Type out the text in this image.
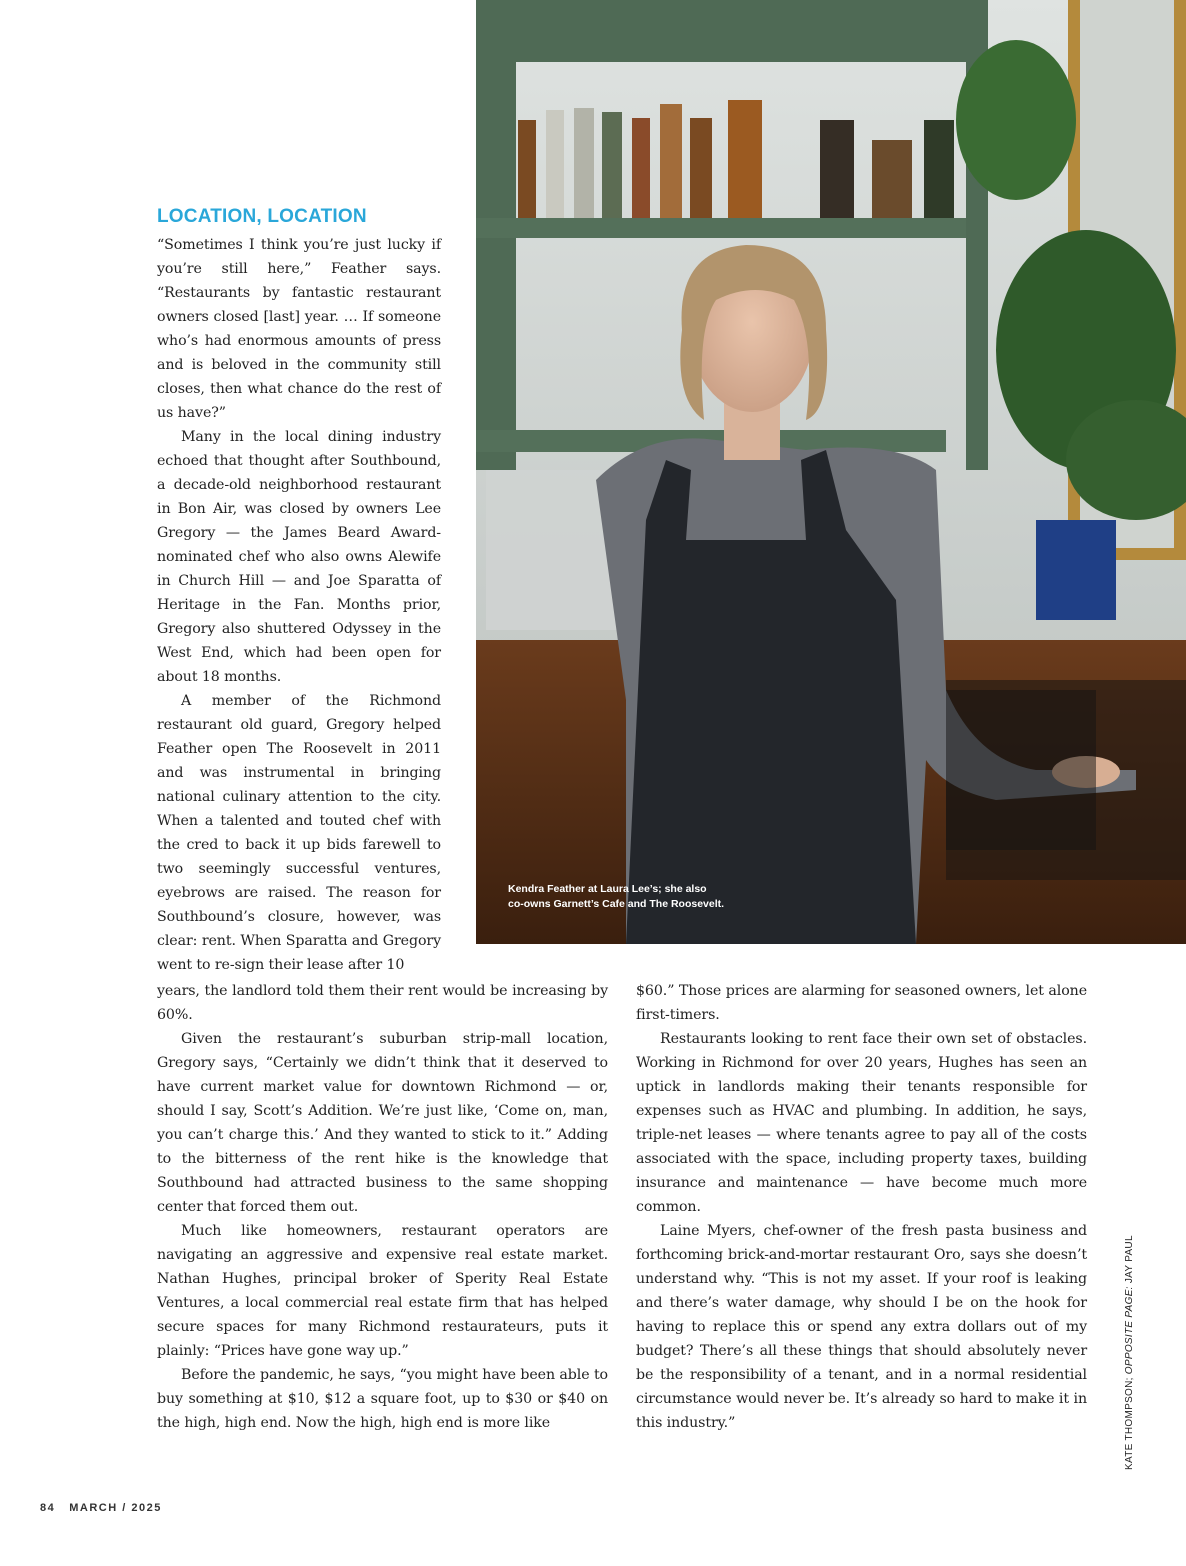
Kendra Feather at Laura Lee’s; she also
co-owns Garnett’s Cafe and The Roosevelt.
LOCATION, LOCATION

“Sometimes I think you’re just lucky if you’re still here,” Feather says. “Restaurants by fantastic restaurant owners closed [last] year. … If someone who’s had enormous amounts of press and is beloved in the community still closes, then what chance do the rest of us have?”

Many in the local dining industry echoed that thought after Southbound, a decade-old neighborhood restaurant in Bon Air, was closed by owners Lee Gregory — the James Beard Award-nominated chef who also owns Alewife in Church Hill — and Joe Sparatta of Heritage in the Fan. Months prior, Gregory also shuttered Odyssey in the West End, which had been open for about 18 months.

A member of the Richmond restaurant old guard, Gregory helped Feather open The Roosevelt in 2011 and was instrumental in bringing national culinary attention to the city. When a talented and touted chef with the cred to back it up bids farewell to two seemingly successful ventures, eyebrows are raised. The reason for Southbound’s closure, however, was clear: rent. When Sparatta and Gregory went to re-sign their lease after 10

years, the landlord told them their rent would be increasing by 60%.

Given the restaurant’s suburban strip-mall location, Gregory says, “Certainly we didn’t think that it deserved to have current market value for downtown Richmond — or, should I say, Scott’s Addition. We’re just like, ‘Come on, man, you can’t charge this.’ And they wanted to stick to it.” Adding to the bitterness of the rent hike is the knowledge that Southbound had attracted business to the same shopping center that forced them out.

Much like homeowners, restaurant operators are navigating an aggressive and expensive real estate market. Nathan Hughes, principal broker of Sperity Real Estate Ventures, a local commercial real estate firm that has helped secure spaces for many Richmond restaurateurs, puts it plainly: “Prices have gone way up.”

Before the pandemic, he says, “you might have been able to buy something at $10, $12 a square foot, up to $30 or $40 on the high, high end. Now the high, high end is more like

$60.” Those prices are alarming for seasoned owners, let alone first-timers.

Restaurants looking to rent face their own set of obstacles. Working in Richmond for over 20 years, Hughes has seen an uptick in landlords making their tenants responsible for expenses such as HVAC and plumbing. In addition, he says, triple-net leases — where tenants agree to pay all of the costs associated with the space, including property taxes, building insurance and maintenance — have become much more common.

Laine Myers, chef-owner of the fresh pasta business and forthcoming brick-and-mortar restaurant Oro, says she doesn’t understand why. “This is not my asset. If your roof is leaking and there’s water damage, why should I be on the hook for having to replace this or spend any extra dollars out of my budget? There’s all these things that should absolutely never be the responsibility of a tenant, and in a normal residential circumstance would never be. It’s already so hard to make it in this industry.”	KATE THOMPSON; OPPOSITE PAGE: JAY PAUL
84 MARCH / 2025
